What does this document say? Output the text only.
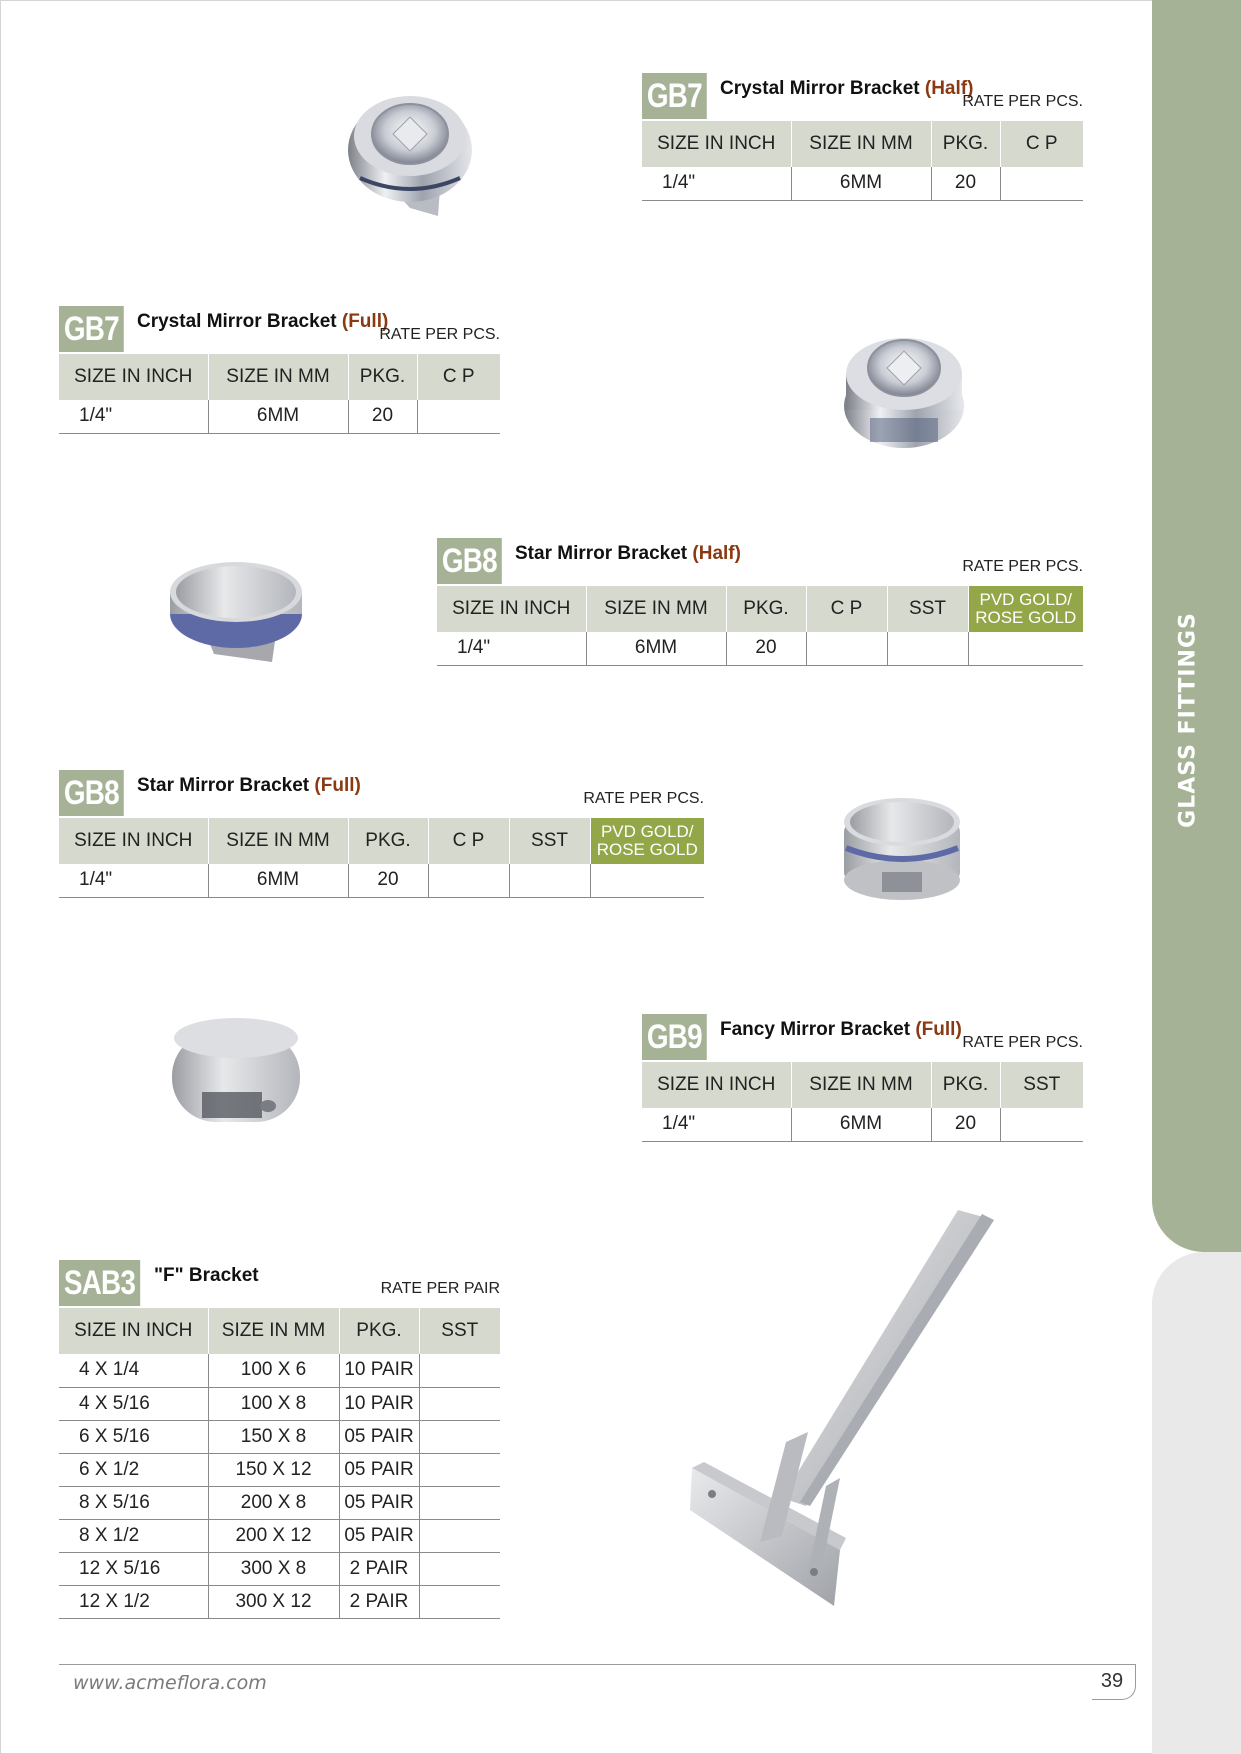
GLASS FITTINGS
GB7 Crystal Mirror Bracket (Half)
RATE PER PCS.
SIZE IN INCH	SIZE IN MM	PKG.	C P
1/4"	6MM	20	
GB7 Crystal Mirror Bracket (Full)
RATE PER PCS.
SIZE IN INCH	SIZE IN MM	PKG.	C P
1/4"	6MM	20	
GB8 Star Mirror Bracket (Half)
RATE PER PCS.
SIZE IN INCH	SIZE IN MM	PKG.	C P	SST	PVD GOLD/
ROSE GOLD
1/4"	6MM	20			
GB8 Star Mirror Bracket (Full)
RATE PER PCS.
SIZE IN INCH	SIZE IN MM	PKG.	C P	SST	PVD GOLD/
ROSE GOLD
1/4"	6MM	20			
GB9 Fancy Mirror Bracket (Full)
RATE PER PCS.
SIZE IN INCH	SIZE IN MM	PKG.	SST
1/4"	6MM	20	
SAB3 "F" Bracket
RATE PER PAIR
SIZE IN INCH	SIZE IN MM	PKG.	SST
4 X 1/4	100 X 6	10 PAIR	
4 X 5/16	100 X 8	10 PAIR	
6 X 5/16	150 X 8	05 PAIR	
6 X 1/2	150 X 12	05 PAIR	
8 X 5/16	200 X 8	05 PAIR	
8 X 1/2	200 X 12	05 PAIR	
12 X 5/16	300 X 8	2 PAIR	
12 X 1/2	300 X 12	2 PAIR	
www.acmeflora.com	39
